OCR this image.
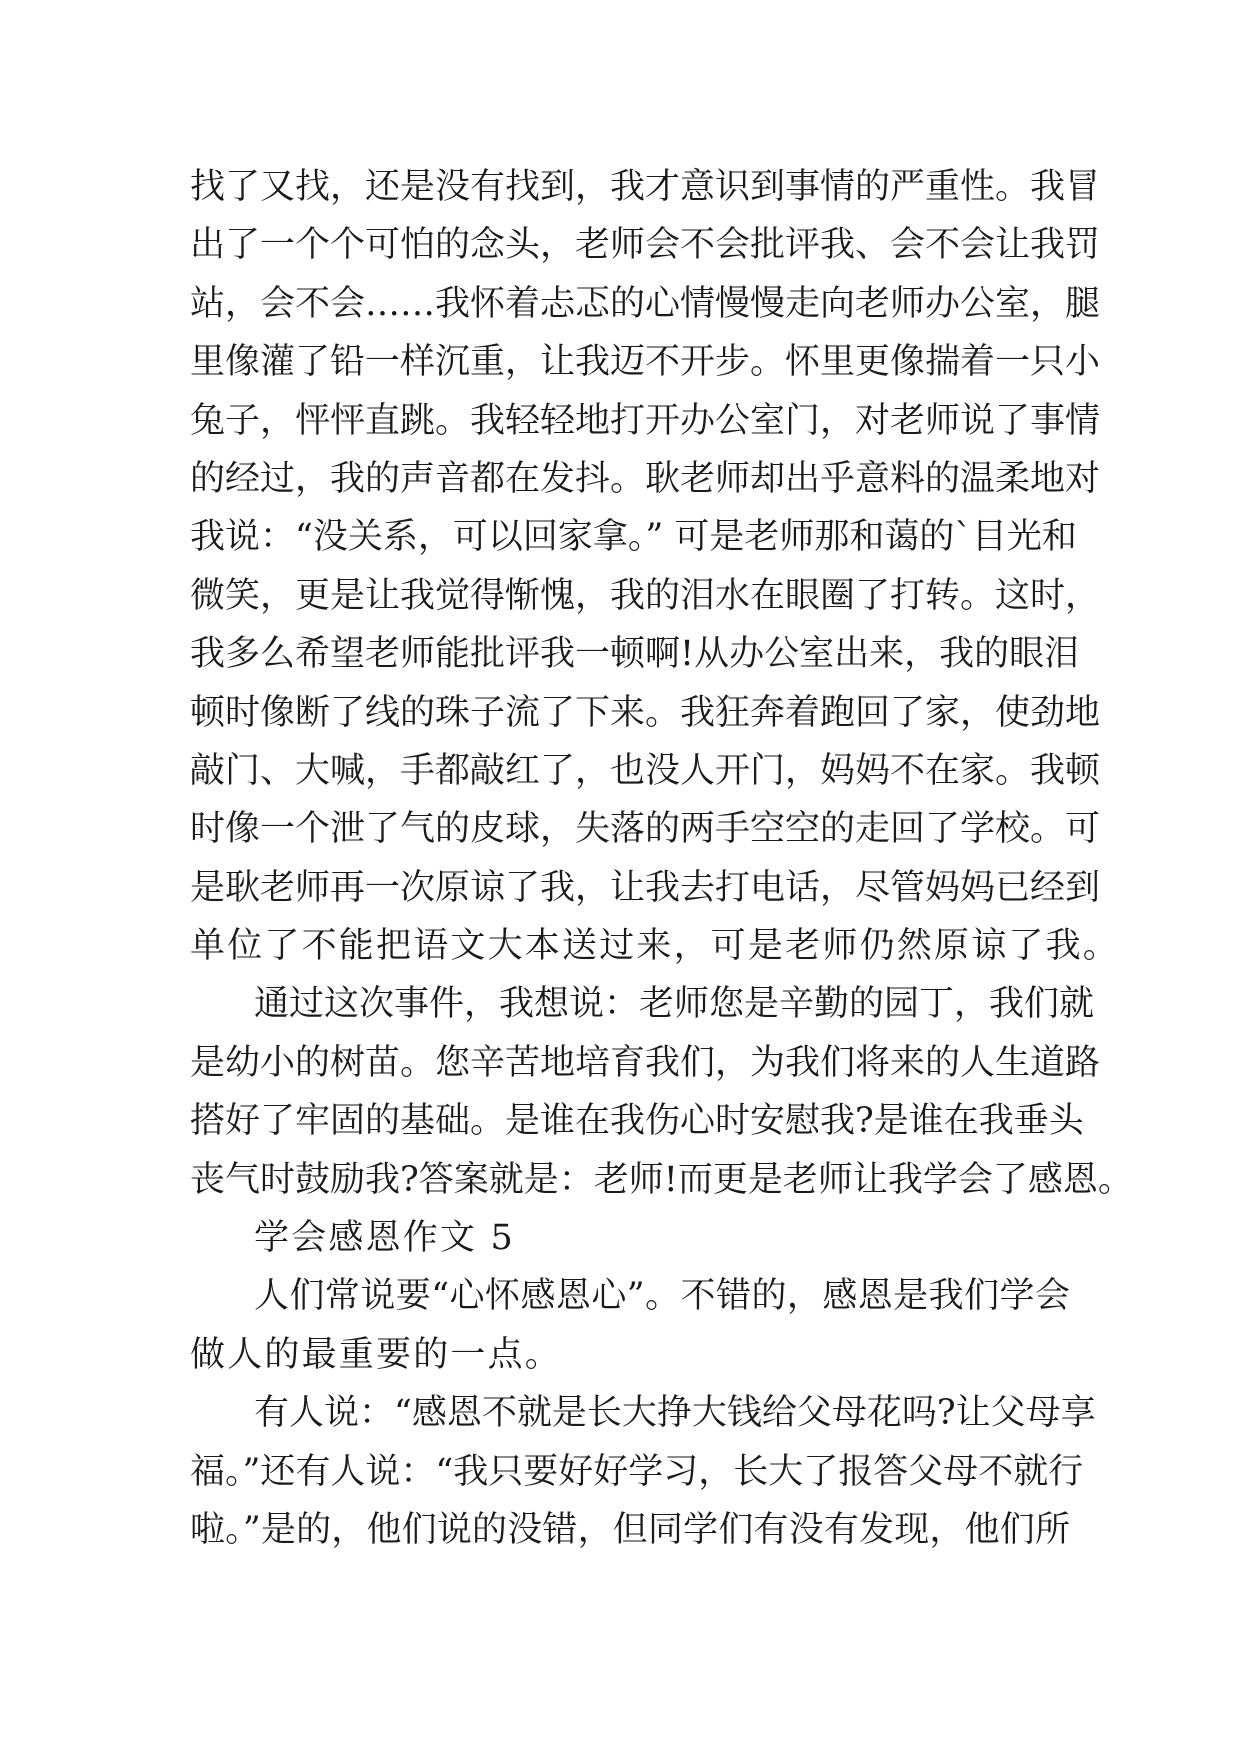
找了又找，还是没有找到，我才意识到事情的严重性。我冒
出了一个个可怕的念头，老师会不会批评我、会不会让我罚
站，会不会……我怀着忐忑的心情慢慢走向老师办公室，腿
里像灌了铅一样沉重，让我迈不开步。怀里更像揣着一只小
兔子，怦怦直跳。我轻轻地打开办公室门，对老师说了事情
的经过，我的声音都在发抖。耿老师却出乎意料的温柔地对
我说：“没关系，可以回家拿。” 可是老师那和蔼的`目光和
微笑，更是让我觉得惭愧，我的泪水在眼圈了打转。这时，
我多么希望老师能批评我一顿啊!从办公室出来，我的眼泪
顿时像断了线的珠子流了下来。我狂奔着跑回了家，使劲地
敲门、大喊，手都敲红了，也没人开门，妈妈不在家。我顿
时像一个泄了气的皮球，失落的两手空空的走回了学校。可
是耿老师再一次原谅了我，让我去打电话，尽管妈妈已经到
单位了不能把语文大本送过来，可是老师仍然原谅了我。
通过这次事件，我想说：老师您是辛勤的园丁，我们就
是幼小的树苗。您辛苦地培育我们，为我们将来的人生道路
搭好了牢固的基础。是谁在我伤心时安慰我?是谁在我垂头
丧气时鼓励我?答案就是：老师!而更是老师让我学会了感恩。
学会感恩作文 5
人们常说要“心怀感恩心”。不错的，感恩是我们学会
做人的最重要的一点。
有人说：“感恩不就是长大挣大钱给父母花吗?让父母享
福。”还有人说：“我只要好好学习，长大了报答父母不就行
啦。”是的，他们说的没错，但同学们有没有发现，他们所
